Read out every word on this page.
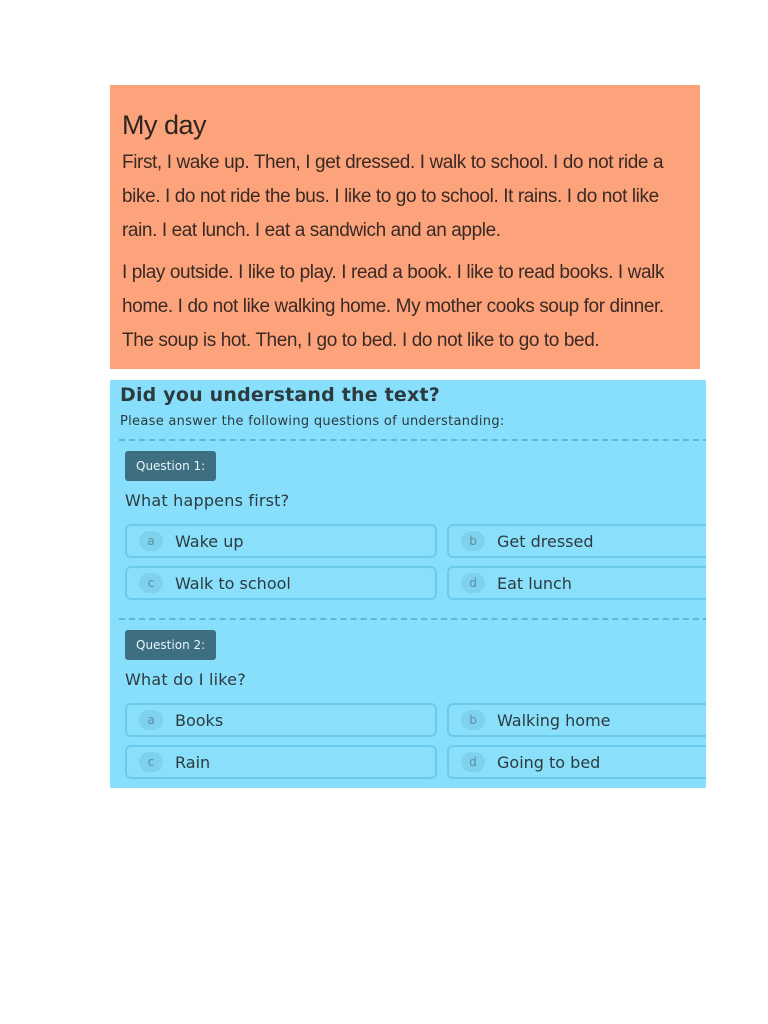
My day

First, I wake up. Then, I get dressed. I walk to school. I do not ride a bike. I do not ride the bus. I like to go to school. It rains. I do not like rain. I eat lunch. I eat a sandwich and an apple.

I play outside. I like to play. I read a book. I like to read books. I walk home. I do not like walking home. My mother cooks soup for dinner. The soup is hot. Then, I go to bed. I do not like to go to bed.

Did you understand the text?
Please answer the following questions of understanding:
Question 1:
What happens first?
a	Wake up	b	Get dressed
c	Walk to school	d	Eat lunch
Question 2:
What do I like?
a	Books	b	Walking home
c	Rain	d	Going to bed
